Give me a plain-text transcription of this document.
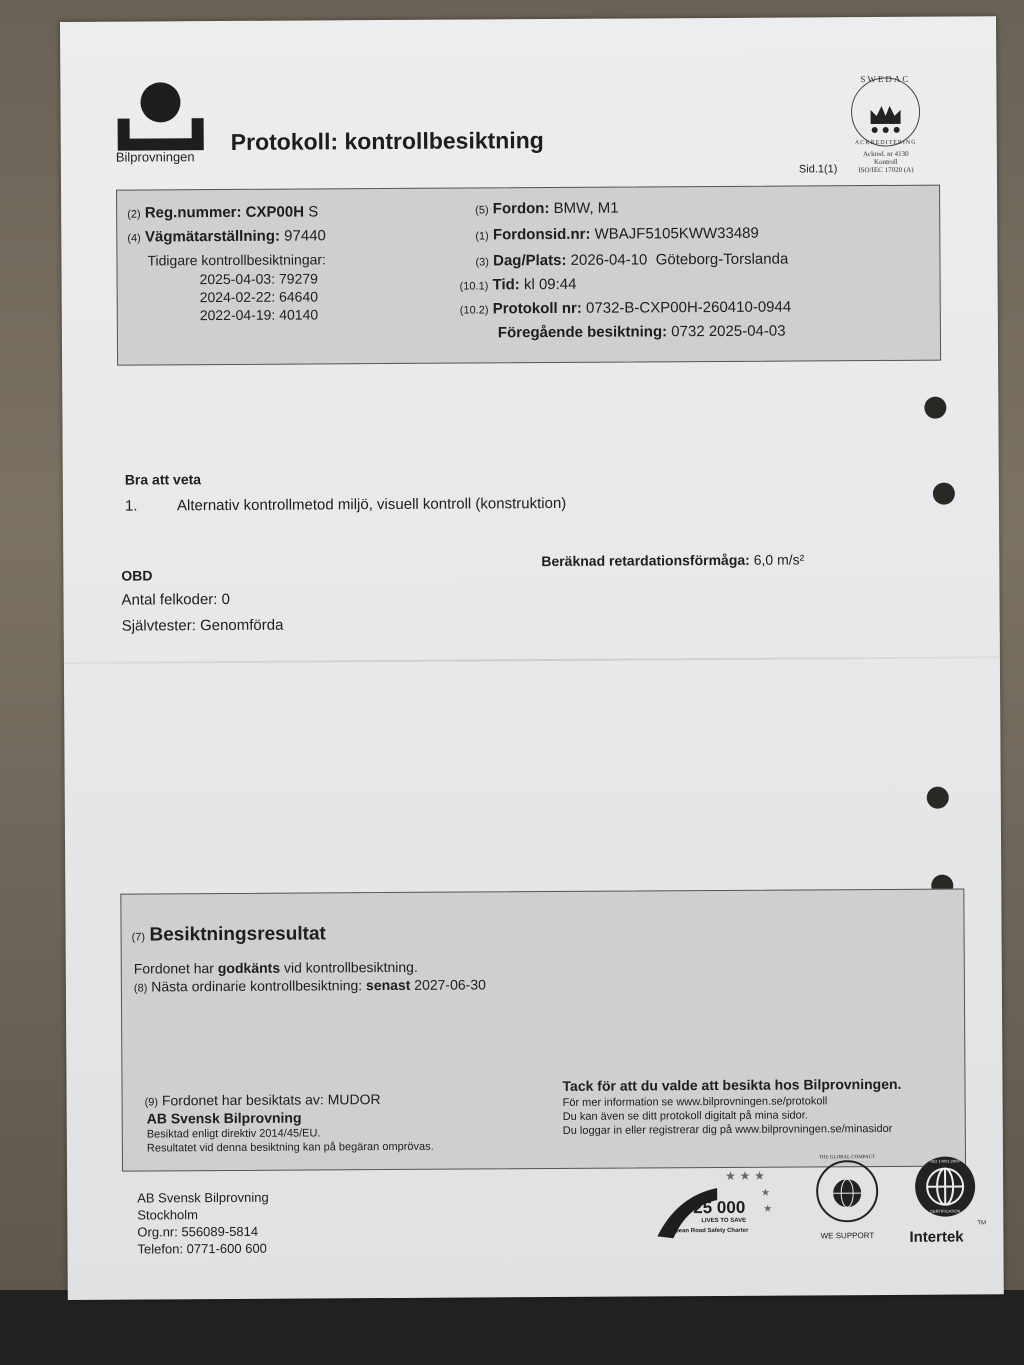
Bilprovningen
Protokoll: kontrollbesiktning
SWEDAC
ACKREDITERING
Ackred. nr 4130
Kontroll
ISO/IEC 17020 (A)
Sid.1(1)
(2) Reg.nummer: CXP00H S
(4) Vägmätarställning: 97440
Tidigare kontrollbesiktningar:
2025-04-03: 79279
2024-02-22: 64640
2022-04-19: 40140
(5) Fordon: BMW, M1
(1) Fordonsid.nr: WBAJF5105KWW33489
(3) Dag/Plats: 2026-04-10  Göteborg-Torslanda
(10.1) Tid: kl 09:44
(10.2) Protokoll nr: 0732-B-CXP00H-260410-0944
Föregående besiktning: 0732 2025-04-03
Bra att veta
1.	Alternativ kontrollmetod miljö, visuell kontroll (konstruktion)
OBD
Antal felkoder: 0
Självtester: Genomförda
Beräknad retardationsförmåga: 6,0 m/s²
(7) Besiktningsresultat
Fordonet har godkänts vid kontrollbesiktning.
(8) Nästa ordinarie kontrollbesiktning: senast 2027-06-30
(9) Fordonet har besiktats av: MUDOR
AB Svensk Bilprovning
Besiktad enligt direktiv 2014/45/EU.
Resultatet vid denna besiktning kan på begäran omprövas.
Tack för att du valde att besikta hos Bilprovningen.
För mer information se www.bilprovningen.se/protokoll
Du kan även se ditt protokoll digitalt på mina sidor.
Du loggar in eller registrerar dig på www.bilprovningen.se/minasidor
AB Svensk Bilprovning
Stockholm
Org.nr: 556089-5814
Telefon: 0771-600 600
★ ★ ★
★
★
25 000
LIVES TO SAVE
European Road Safety Charter
THE GLOBAL COMPACT
WE SUPPORT
ISO 14001:2004
CERTIFICATION
Intertek
TM
